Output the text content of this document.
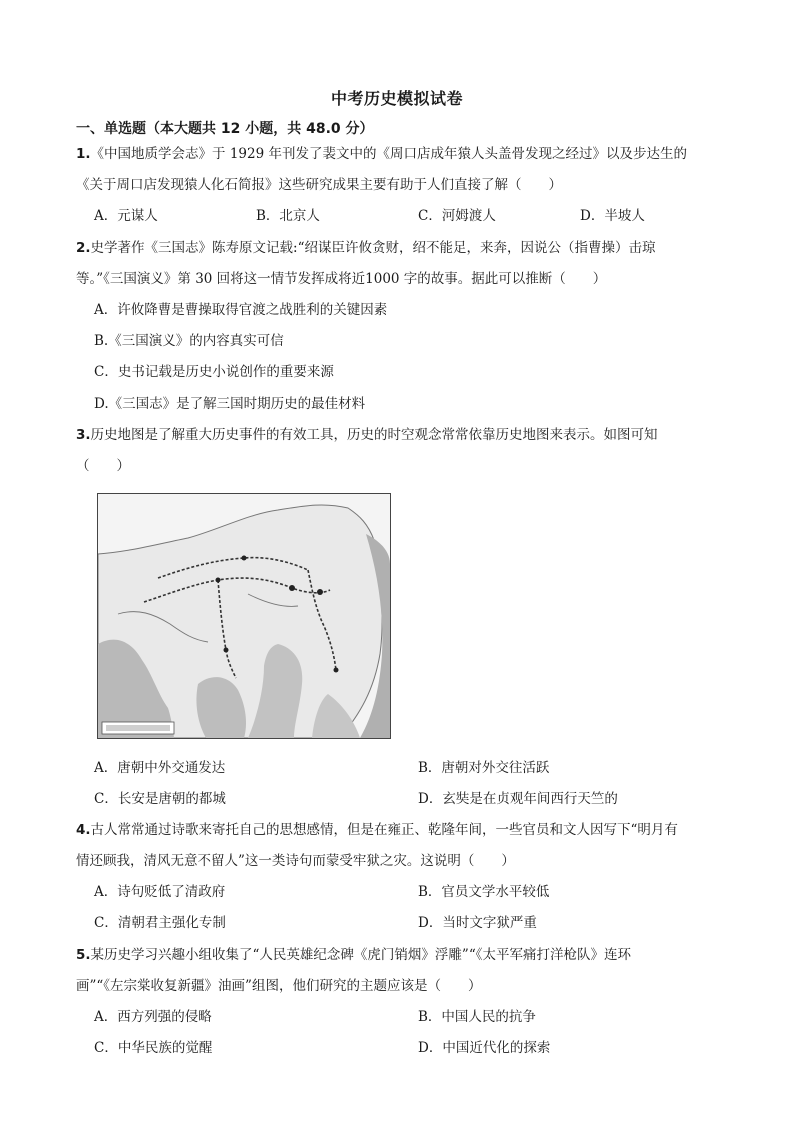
中考历史模拟试卷
一、单选题（本大题共 12 小题，共 48.0 分）
1.《中国地质学会志》于 1929 年刊发了裴文中的《周口店成年猿人头盖骨发现之经过》以及步达生的
《关于周口店发现猿人化石简报》这些研究成果主要有助于人们直接了解（　　）
A．元谋人	B．北京人	C．河姆渡人	D．半坡人
2.史学著作《三国志》陈寿原文记载:“绍谋臣许攸贪财，绍不能足，来奔，因说公（指曹操）击琼
等。”《三国演义》第 30 回将这一情节发挥成将近1000 字的故事。据此可以推断（　　）
A．许攸降曹是曹操取得官渡之战胜利的关键因素
B.《三国演义》的内容真实可信
C．史书记载是历史小说创作的重要来源
D.《三国志》是了解三国时期历史的最佳材料
3.历史地图是了解重大历史事件的有效工具，历史的时空观念常常依靠历史地图来表示。如图可知
（　　）
A．唐朝中外交通发达	B．唐朝对外交往活跃
C．长安是唐朝的都城	D．玄奘是在贞观年间西行天竺的
4.古人常常通过诗歌来寄托自己的思想感情，但是在雍正、乾隆年间，一些官员和文人因写下“明月有
情还顾我，清风无意不留人”这一类诗句而蒙受牢狱之灾。这说明（　　）
A．诗句贬低了清政府	B．官员文学水平较低
C．清朝君主强化专制	D．当时文字狱严重
5.某历史学习兴趣小组收集了“人民英雄纪念碑《虎门销烟》浮雕”“《太平军痛打洋枪队》连环
画”“《左宗棠收复新疆》油画”组图，他们研究的主题应该是（　　）
A．西方列强的侵略	B．中国人民的抗争
C．中华民族的觉醒	D．中国近代化的探索
